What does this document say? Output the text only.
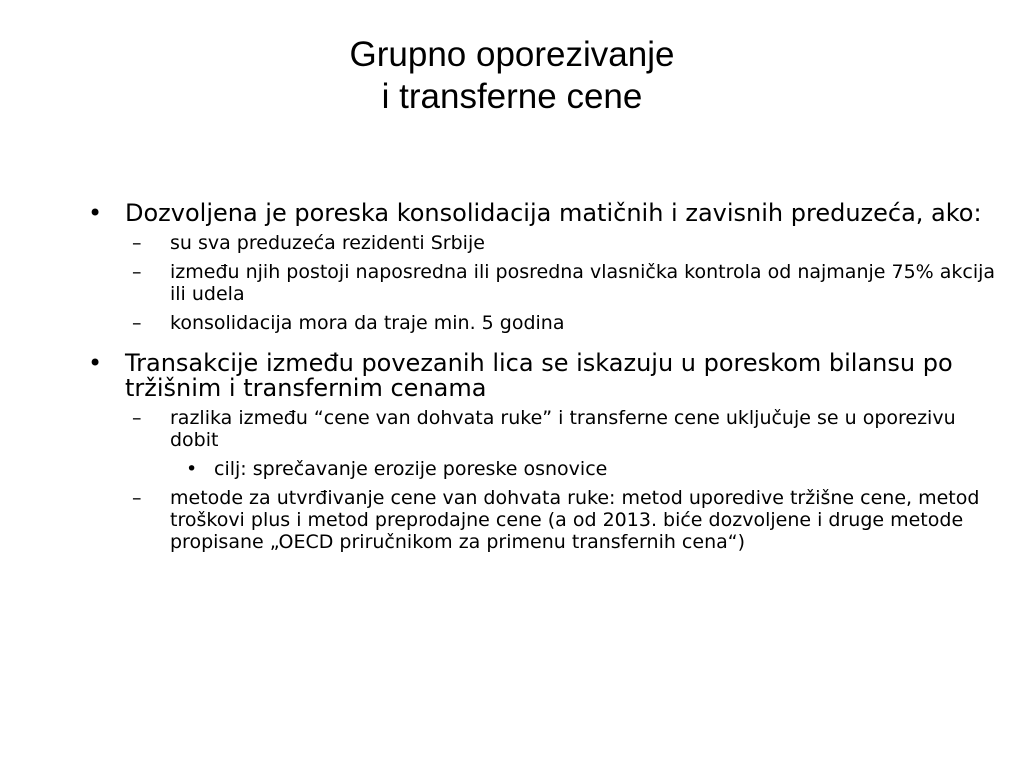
Grupno oporezivanje
i transferne cene
• Dozvoljena je poreska konsolidacija matičnih i zavisnih preduzeća, ako:
– su sva preduzeća rezidenti Srbije
– između njih postoji naposredna ili posredna vlasnička kontrola od najmanje 75% akcija ili udela
– konsolidacija mora da traje min. 5 godina
• Transakcije između povezanih lica se iskazuju u poreskom bilansu po tržišnim i transfernim cenama
– razlika između “cene van dohvata ruke” i transferne cene uključuje se u oporezivu dobit
• cilj: sprečavanje erozije poreske osnovice
– metode za utvrđivanje cene van dohvata ruke: metod uporedive tržišne cene, metod troškovi plus i metod preprodajne cene (a od 2013. biće dozvoljene i druge metode propisane „OECD priručnikom za primenu transfernih cena“)
